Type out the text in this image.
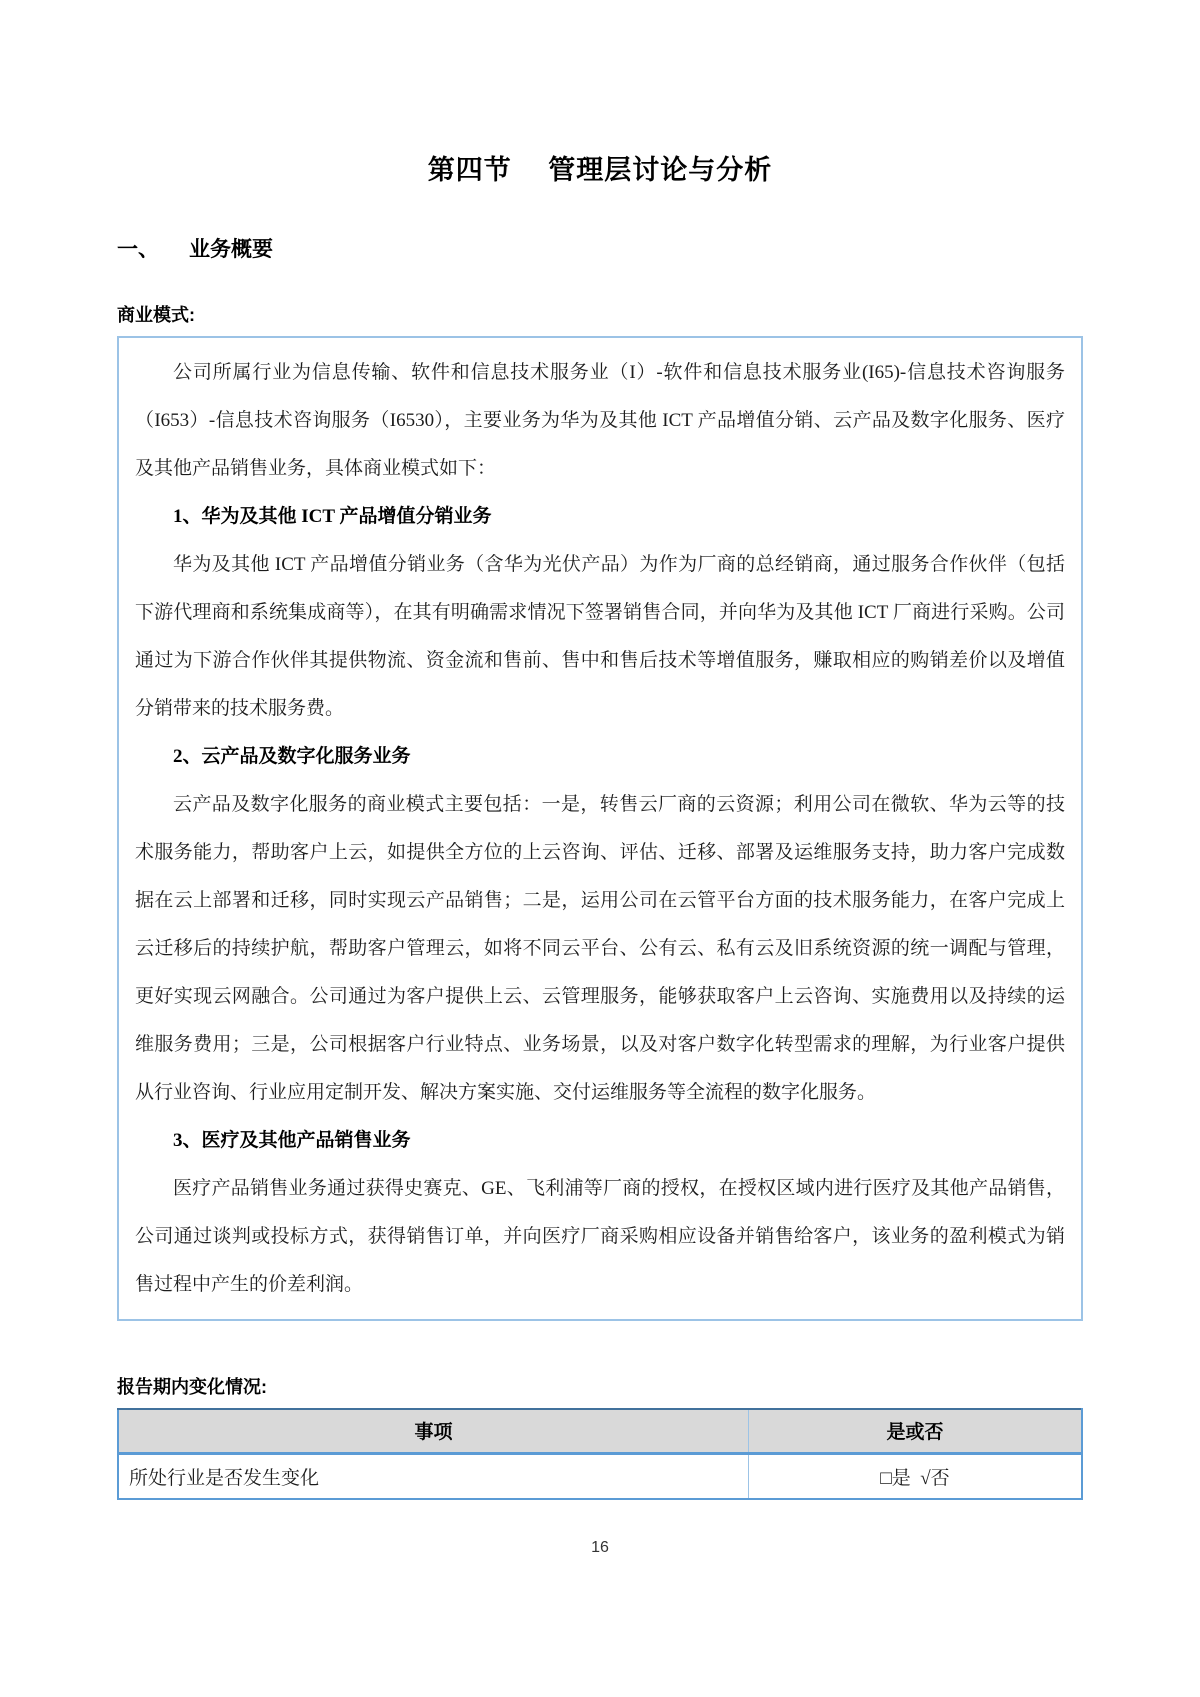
第四节　 管理层讨论与分析
一、	业务概要
商业模式:

公司所属行业为信息传输、软件和信息技术服务业（I）-软件和信息技术服务业(I65)-信息技术咨询服务（I653）-信息技术咨询服务（I6530），主要业务为华为及其他 ICT 产品增值分销、云产品及数字化服务、医疗及其他产品销售业务，具体商业模式如下：

1、华为及其他 ICT 产品增值分销业务

华为及其他 ICT 产品增值分销业务（含华为光伏产品）为作为厂商的总经销商，通过服务合作伙伴（包括下游代理商和系统集成商等），在其有明确需求情况下签署销售合同，并向华为及其他 ICT 厂商进行采购。公司通过为下游合作伙伴其提供物流、资金流和售前、售中和售后技术等增值服务，赚取相应的购销差价以及增值分销带来的技术服务费。

2、云产品及数字化服务业务

云产品及数字化服务的商业模式主要包括：一是，转售云厂商的云资源；利用公司在微软、华为云等的技术服务能力，帮助客户上云，如提供全方位的上云咨询、评估、迁移、部署及运维服务支持，助力客户完成数据在云上部署和迁移，同时实现云产品销售；二是，运用公司在云管平台方面的技术服务能力，在客户完成上云迁移后的持续护航，帮助客户管理云，如将不同云平台、公有云、私有云及旧系统资源的统一调配与管理，更好实现云网融合。公司通过为客户提供上云、云管理服务，能够获取客户上云咨询、实施费用以及持续的运维服务费用；三是，公司根据客户行业特点、业务场景，以及对客户数字化转型需求的理解，为行业客户提供从行业咨询、行业应用定制开发、解决方案实施、交付运维服务等全流程的数字化服务。

3、医疗及其他产品销售业务

医疗产品销售业务通过获得史赛克、GE、飞利浦等厂商的授权，在授权区域内进行医疗及其他产品销售，公司通过谈判或投标方式，获得销售订单，并向医疗厂商采购相应设备并销售给客户，该业务的盈利模式为销售过程中产生的价差利润。

报告期内变化情况:
事项	是或否
所处行业是否发生变化	□是  √否
16
